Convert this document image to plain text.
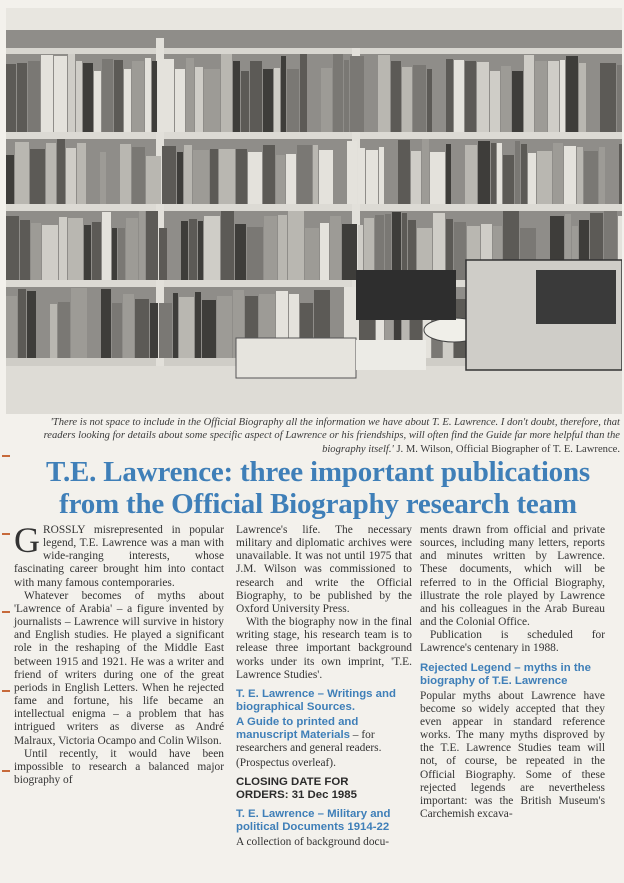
'There is not space to include in the Official Biography all the information we have about T. E. Lawrence. I don't doubt, therefore, that readers looking for details about some specific aspect of Lawrence or his friendships, will often find the Guide far more helpful than the biography itself.' J. M. Wilson, Official Biographer of T. E. Lawrence.
T.E. Lawrence: three important publications
from the Official Biography research team

GROSSLY misrepresented in popular legend, T.E. Lawrence was a man with wide-ranging interests, whose fascinating career brought him into contact with many famous contemporaries.

Whatever becomes of myths about 'Lawrence of Arabia' – a figure invented by journalists – Lawrence will survive in history and English studies. He played a significant role in the reshaping of the Middle East between 1915 and 1921. He was a writer and friend of writers during one of the great periods in English Letters. When he rejected fame and fortune, his life became an intellectual enigma – a problem that has intrigued writers as diverse as André Malraux, Victoria Ocampo and Colin Wilson.

Until recently, it would have been impossible to research a balanced major biography of

Lawrence's life. The necessary military and diplomatic archives were unavailable. It was not until 1975 that J.M. Wilson was commissioned to research and write the Official Biography, to be published by the Oxford University Press.

With the biography now in the final writing stage, his research team is to release three important background works under its own imprint, 'T.E. Lawrence Studies'.

T. E. Lawrence – Writings and biographical Sources.
A Guide to printed and manuscript Materials – for researchers and general readers.

(Prospectus overleaf).

CLOSING DATE FOR
ORDERS: 31 Dec 1985
T. E. Lawrence – Military and political Documents 1914-22

A collection of background docu-

ments drawn from official and private sources, including many letters, reports and minutes written by Lawrence. These documents, which will be referred to in the Official Biography, illustrate the role played by Lawrence and his colleagues in the Arab Bureau and the Colonial Office.

Publication is scheduled for Lawrence's centenary in 1988.

Rejected Legend – myths in the biography of T.E. Lawrence

Popular myths about Lawrence have become so widely accepted that they even appear in standard reference works. The many myths disproved by the T.E. Lawrence Studies team will not, of course, be repeated in the Official Biography. Some of these rejected legends are nevertheless important: was the British Museum's Carchemish excava-
